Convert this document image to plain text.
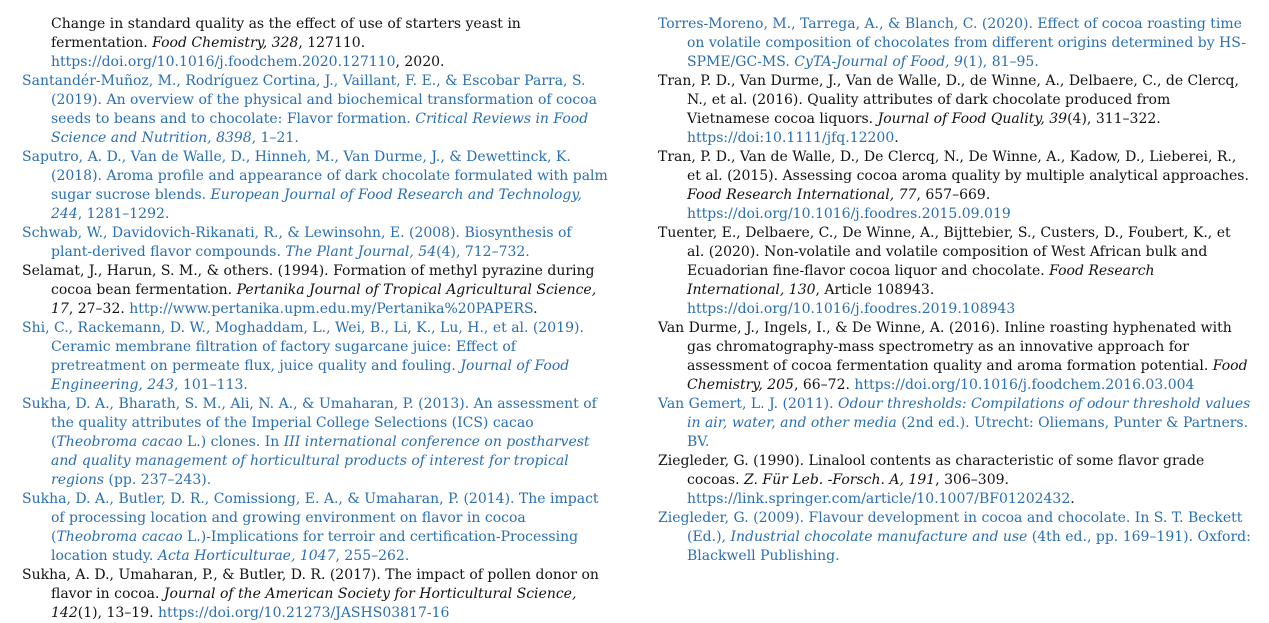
Change in standard quality as the effect of use of starters yeast in fermentation. Food Chemistry, 328, 127110. https://doi.org/10.1016/j.foodchem.2020.127110, 2020.

Santandér-Muñoz, M., Rodríguez Cortina, J., Vaillant, F. E., & Escobar Parra, S. (2019). An overview of the physical and biochemical transformation of cocoa seeds to beans and to chocolate: Flavor formation. Critical Reviews in Food Science and Nutrition, 8398, 1–21.

Saputro, A. D., Van de Walle, D., Hinneh, M., Van Durme, J., & Dewettinck, K. (2018). Aroma profile and appearance of dark chocolate formulated with palm sugar sucrose blends. European Journal of Food Research and Technology, 244, 1281–1292.

Schwab, W., Davidovich-Rikanati, R., & Lewinsohn, E. (2008). Biosynthesis of plant-derived flavor compounds. The Plant Journal, 54(4), 712–732.

Selamat, J., Harun, S. M., & others. (1994). Formation of methyl pyrazine during cocoa bean fermentation. Pertanika Journal of Tropical Agricultural Science, 17, 27–32. http://www.pertanika.upm.edu.my/Pertanika%20PAPERS.

Shi, C., Rackemann, D. W., Moghaddam, L., Wei, B., Li, K., Lu, H., et al. (2019). Ceramic membrane filtration of factory sugarcane juice: Effect of pretreatment on permeate flux, juice quality and fouling. Journal of Food Engineering, 243, 101–113.

Sukha, D. A., Bharath, S. M., Ali, N. A., & Umaharan, P. (2013). An assessment of the quality attributes of the Imperial College Selections (ICS) cacao (Theobroma cacao L.) clones. In III international conference on postharvest and quality management of horticultural products of interest for tropical regions (pp. 237–243).

Sukha, D. A., Butler, D. R., Comissiong, E. A., & Umaharan, P. (2014). The impact of processing location and growing environment on flavor in cocoa (Theobroma cacao L.)-Implications for terroir and certification-Processing location study. Acta Horticulturae, 1047, 255–262.

Sukha, A. D., Umaharan, P., & Butler, D. R. (2017). The impact of pollen donor on flavor in cocoa. Journal of the American Society for Horticultural Science, 142(1), 13–19. https://doi.org/10.21273/JASHS03817-16

Torres-Moreno, M., Tarrega, A., & Blanch, C. (2020). Effect of cocoa roasting time on volatile composition of chocolates from different origins determined by HS-SPME/GC-MS. CyTA-Journal of Food, 9(1), 81–95.

Tran, P. D., Van Durme, J., Van de Walle, D., de Winne, A., Delbaere, C., de Clercq, N., et al. (2016). Quality attributes of dark chocolate produced from Vietnamese cocoa liquors. Journal of Food Quality, 39(4), 311–322. https://doi:10.1111/jfq.12200.

Tran, P. D., Van de Walle, D., De Clercq, N., De Winne, A., Kadow, D., Lieberei, R., et al. (2015). Assessing cocoa aroma quality by multiple analytical approaches. Food Research International, 77, 657–669. https://doi.org/10.1016/j.foodres.2015.09.019

Tuenter, E., Delbaere, C., De Winne, A., Bijttebier, S., Custers, D., Foubert, K., et al. (2020). Non-volatile and volatile composition of West African bulk and Ecuadorian fine-flavor cocoa liquor and chocolate. Food Research International, 130, Article 108943. https://doi.org/10.1016/j.foodres.2019.108943

Van Durme, J., Ingels, I., & De Winne, A. (2016). Inline roasting hyphenated with gas chromatography-mass spectrometry as an innovative approach for assessment of cocoa fermentation quality and aroma formation potential. Food Chemistry, 205, 66–72. https://doi.org/10.1016/j.foodchem.2016.03.004

Van Gemert, L. J. (2011). Odour thresholds: Compilations of odour threshold values in air, water, and other media (2nd ed.). Utrecht: Oliemans, Punter & Partners. BV.

Ziegleder, G. (1990). Linalool contents as characteristic of some flavor grade cocoas. Z. Für Leb. -Forsch. A, 191, 306–309. https://link.springer.com/article/10.1007/BF01202432.

Ziegleder, G. (2009). Flavour development in cocoa and chocolate. In S. T. Beckett (Ed.), Industrial chocolate manufacture and use (4th ed., pp. 169–191). Oxford: Blackwell Publishing.
